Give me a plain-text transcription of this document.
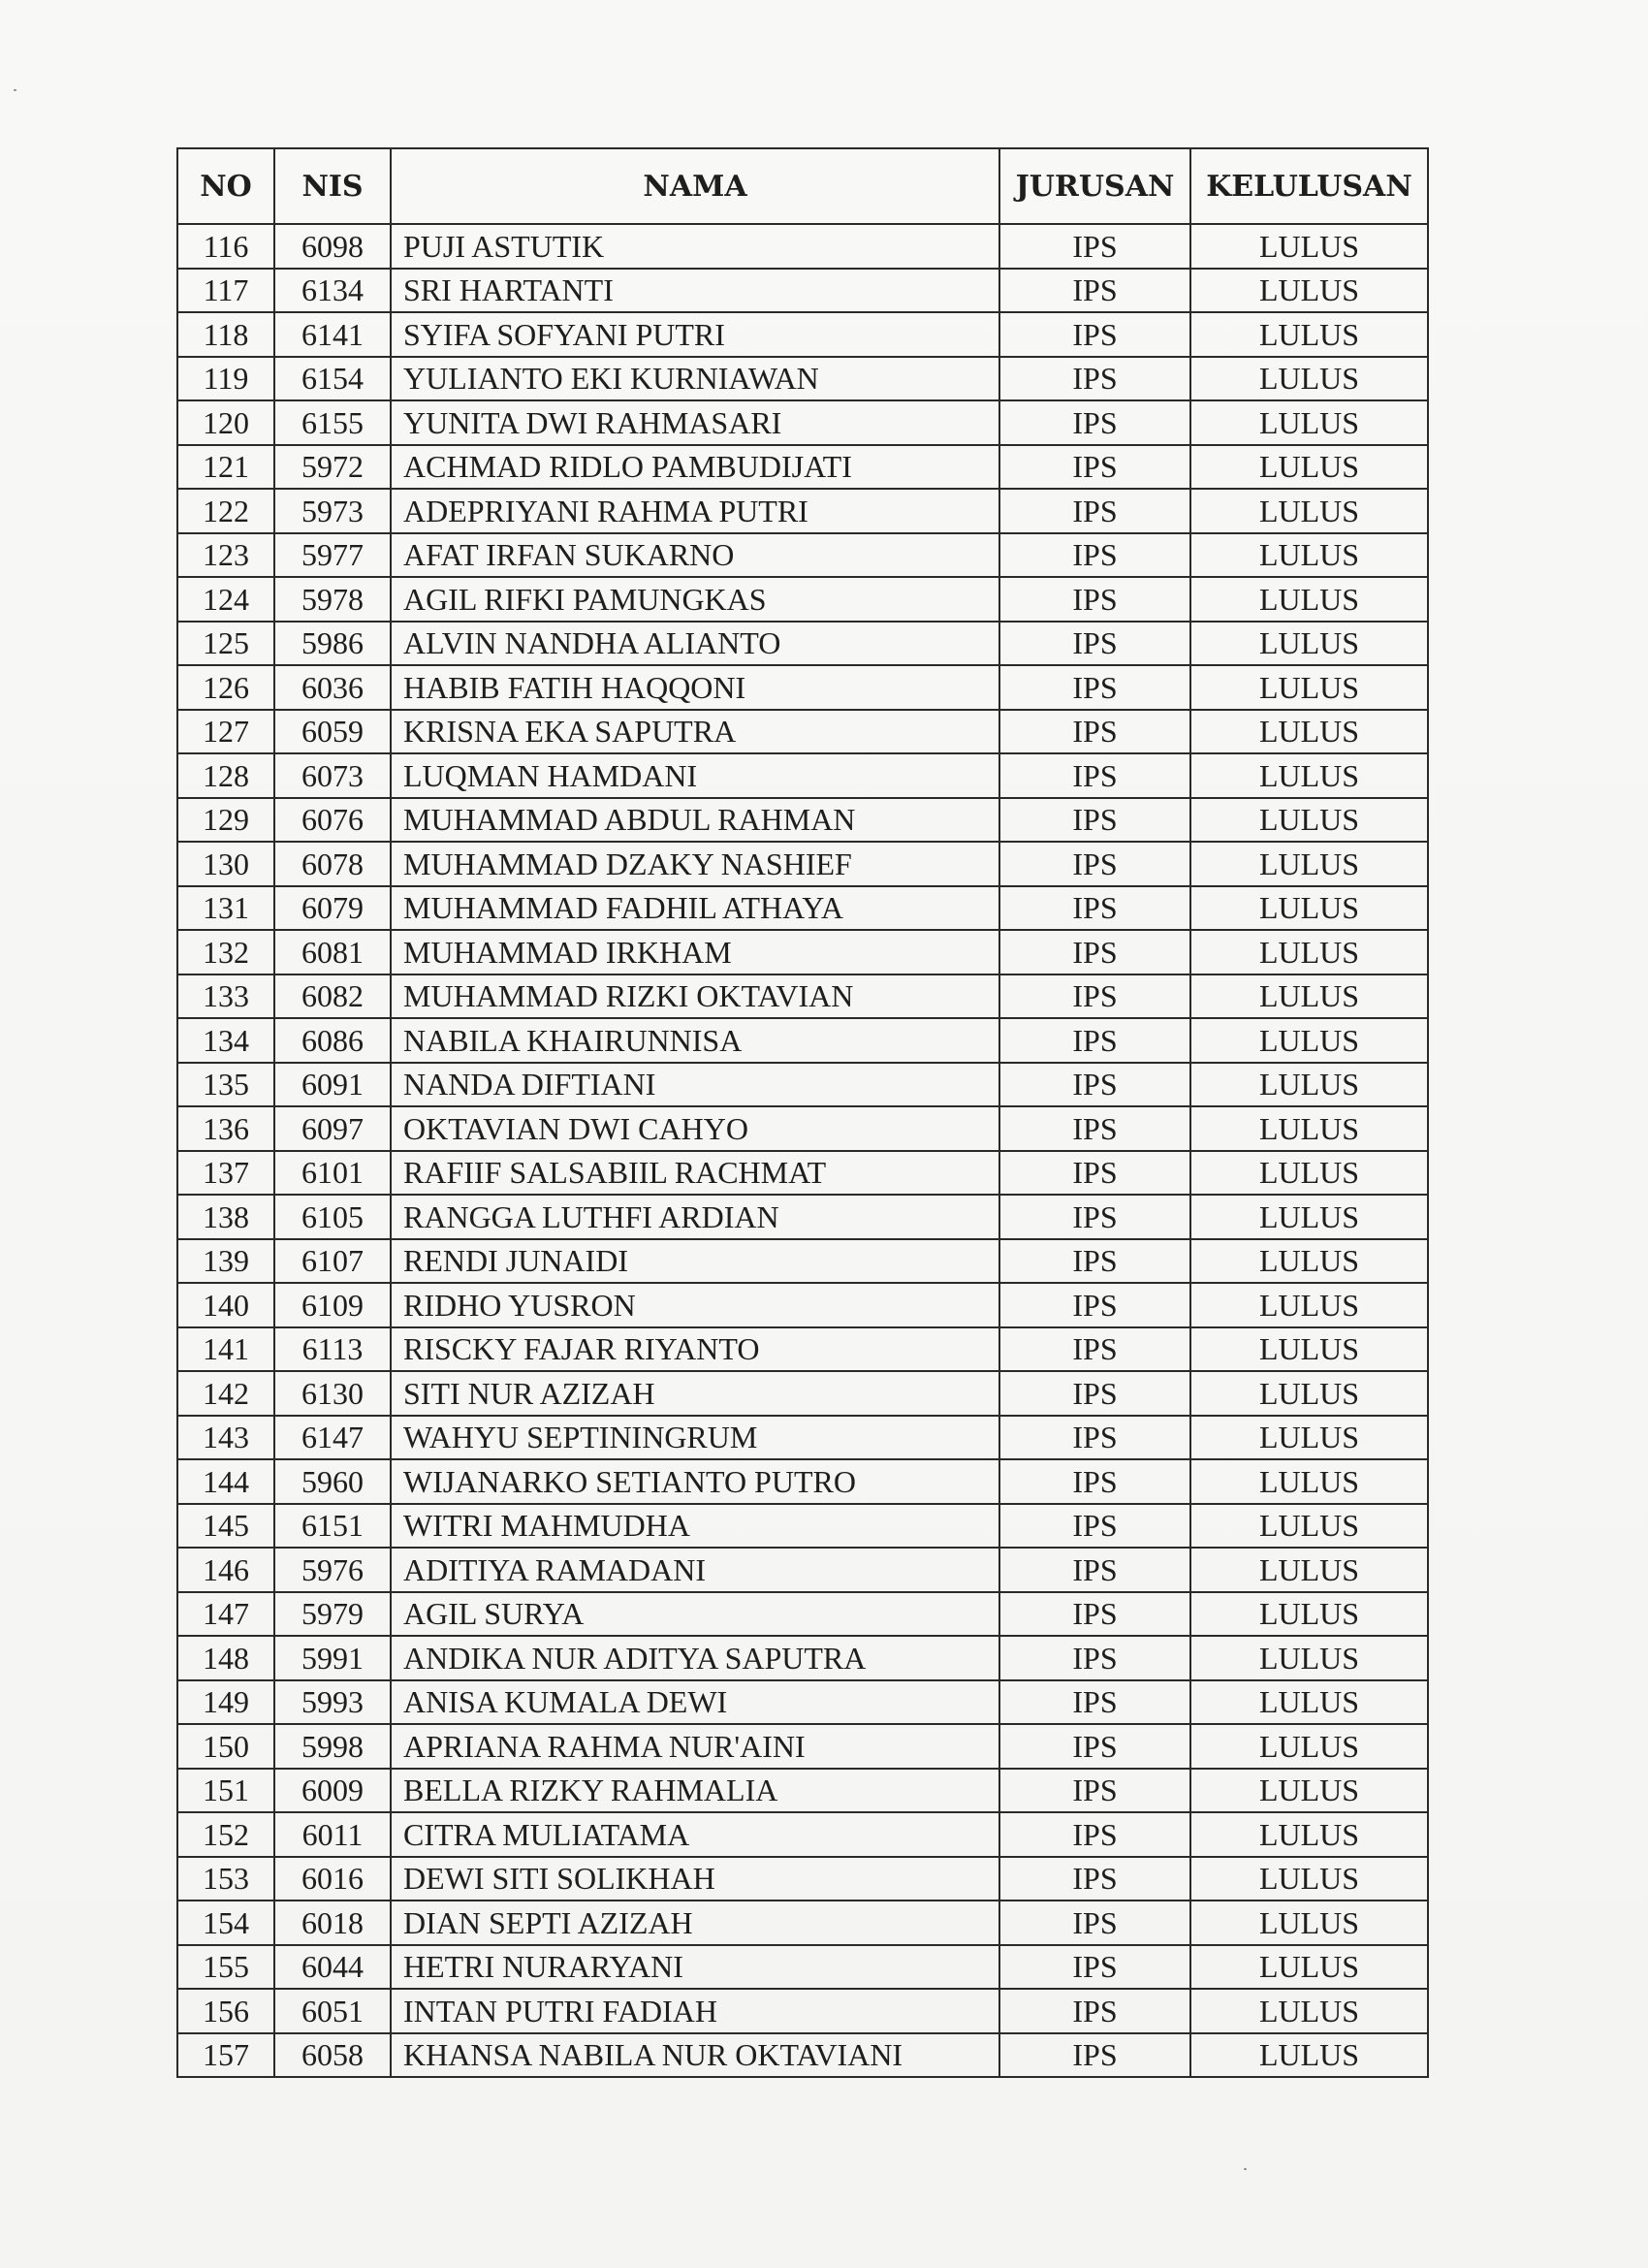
NO	NIS	NAMA	JURUSAN	KELULUSAN
116	6098	PUJI ASTUTIK	IPS	LULUS
117	6134	SRI HARTANTI	IPS	LULUS
118	6141	SYIFA SOFYANI PUTRI	IPS	LULUS
119	6154	YULIANTO EKI KURNIAWAN	IPS	LULUS
120	6155	YUNITA DWI RAHMASARI	IPS	LULUS
121	5972	ACHMAD RIDLO PAMBUDIJATI	IPS	LULUS
122	5973	ADEPRIYANI RAHMA PUTRI	IPS	LULUS
123	5977	AFAT IRFAN SUKARNO	IPS	LULUS
124	5978	AGIL RIFKI PAMUNGKAS	IPS	LULUS
125	5986	ALVIN NANDHA ALIANTO	IPS	LULUS
126	6036	HABIB FATIH HAQQONI	IPS	LULUS
127	6059	KRISNA EKA SAPUTRA	IPS	LULUS
128	6073	LUQMAN HAMDANI	IPS	LULUS
129	6076	MUHAMMAD ABDUL RAHMAN	IPS	LULUS
130	6078	MUHAMMAD DZAKY NASHIEF	IPS	LULUS
131	6079	MUHAMMAD FADHIL ATHAYA	IPS	LULUS
132	6081	MUHAMMAD IRKHAM	IPS	LULUS
133	6082	MUHAMMAD RIZKI OKTAVIAN	IPS	LULUS
134	6086	NABILA KHAIRUNNISA	IPS	LULUS
135	6091	NANDA DIFTIANI	IPS	LULUS
136	6097	OKTAVIAN DWI CAHYO	IPS	LULUS
137	6101	RAFIIF SALSABIIL RACHMAT	IPS	LULUS
138	6105	RANGGA LUTHFI ARDIAN	IPS	LULUS
139	6107	RENDI JUNAIDI	IPS	LULUS
140	6109	RIDHO YUSRON	IPS	LULUS
141	6113	RISCKY FAJAR RIYANTO	IPS	LULUS
142	6130	SITI NUR AZIZAH	IPS	LULUS
143	6147	WAHYU SEPTININGRUM	IPS	LULUS
144	5960	WIJANARKO SETIANTO PUTRO	IPS	LULUS
145	6151	WITRI MAHMUDHA	IPS	LULUS
146	5976	ADITIYA RAMADANI	IPS	LULUS
147	5979	AGIL SURYA	IPS	LULUS
148	5991	ANDIKA NUR ADITYA SAPUTRA	IPS	LULUS
149	5993	ANISA KUMALA DEWI	IPS	LULUS
150	5998	APRIANA RAHMA NUR'AINI	IPS	LULUS
151	6009	BELLA RIZKY RAHMALIA	IPS	LULUS
152	6011	CITRA MULIATAMA	IPS	LULUS
153	6016	DEWI SITI SOLIKHAH	IPS	LULUS
154	6018	DIAN SEPTI AZIZAH	IPS	LULUS
155	6044	HETRI NURARYANI	IPS	LULUS
156	6051	INTAN PUTRI FADIAH	IPS	LULUS
157	6058	KHANSA NABILA NUR OKTAVIANI	IPS	LULUS
